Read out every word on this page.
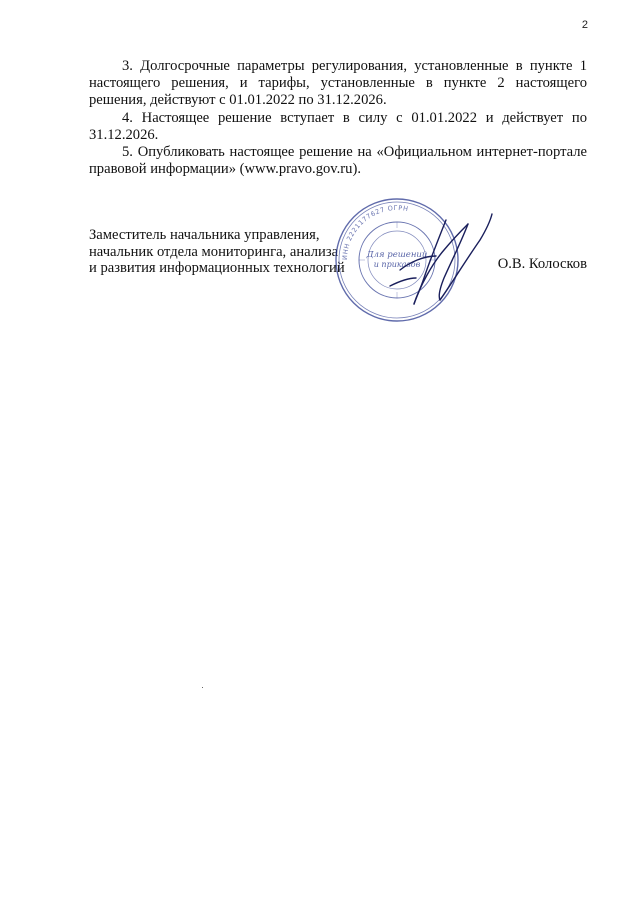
2

3. Долгосрочные параметры регулирования, установленные в пункте 1 настоящего решения, и тарифы, установленные в пункте 2 настоящего решения, действуют с 01.01.2022 по 31.12.2026.

4. Настоящее решение вступает в силу с 01.01.2022 и действует по 31.12.2026.

5. Опубликовать настоящее решение на «Официальном интернет-портале правовой информации» (www.pravo.gov.ru).

Заместитель начальника управления,
начальник отдела мониторинга, анализа
и развития информационных технологий	О.В. Колосков
ИНН 2221177627 ОГРН
Для решений
и приказов
